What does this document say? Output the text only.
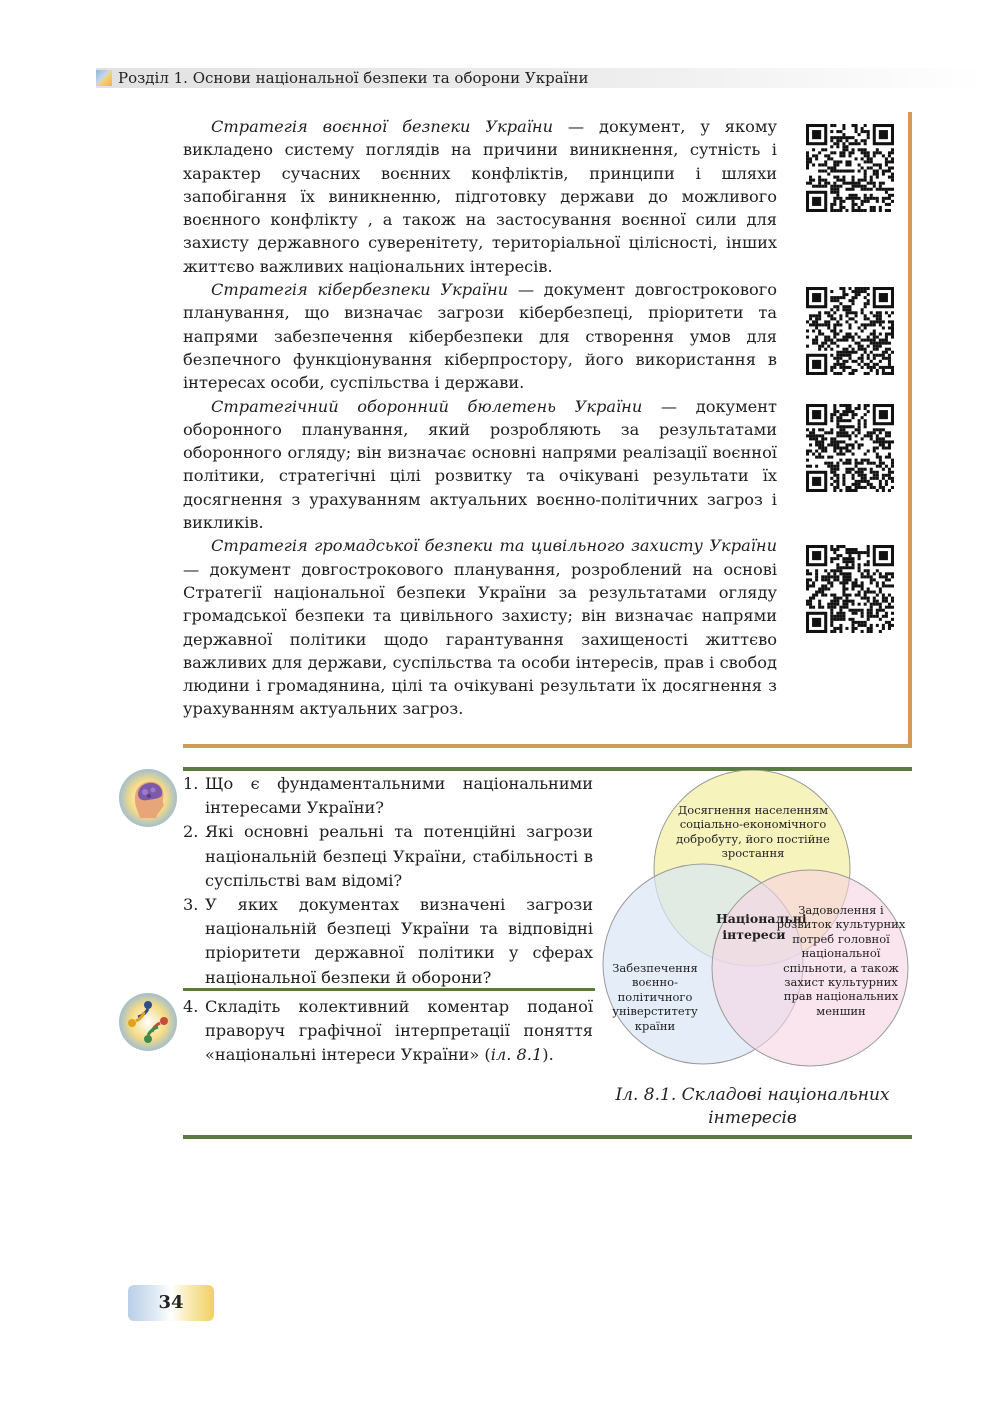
Розділ 1. Основи національної безпеки та оборони України

Стратегія воєнної безпеки України — документ, у якому викладено систему поглядів на причини виникнення, сутність і характер сучасних воєнних конфліктів, принципи і шляхи запобігання їх виникненню, підготовку держави до можливого воєнного конфлікту , а також на застосування воєнної сили для захисту державного суверенітету, територіальної цілісності, інших життєво важливих національних інтересів.

Стратегія кібербезпеки України — документ довгострокового планування, що визначає загрози кібербезпеці, пріоритети та напрями забезпечення кібербезпеки для створення умов для безпечного функціонування кіберпростору, його використання в інтересах особи, суспільства і держави.

Стратегічний оборонний бюлетень України — документ оборонного планування, який розробляють за результатами оборонного огляду; він визначає основні напрями реалізації воєнної політики, стратегічні цілі розвитку та очікувані результати їх досягнення з урахуванням актуальних воєнно-політичних загроз і викликів.

Стратегія громадської безпеки та цивільного захисту України — документ довгострокового планування, розроблений на основі Стратегії національної безпеки України за результатами огляду громадської безпеки та цивільного захисту; він визначає напрями державної політики щодо гарантування захищеності життєво важливих для держави, суспільства та особи інтересів, прав і свобод людини і громадянина, цілі та очікувані результати їх досягнення з урахуванням актуальних загроз.

1. Що є фундаментальними національними інтересами України?
2. Які основні реальні та потенційні загрози національній безпеці України, стабільності в суспільстві вам відомі?
3. У яких документах визначені загрози національній безпеці України та відповідні пріоритети державної політики у сферах національної безпеки й оборони?
4. Складіть колективний коментар поданої праворуч графічної інтерпретації поняття «національні інтереси України» (іл. 8.1).
Досягнення населенням соціально-економічного добробуту, його постійне зростання
Забезпечення воєнно-політичного універститету країни
Задоволення і розвиток культурних потреб головної національної спільноти, а також захист культурних прав національних меншин
Національні інтереси
Іл. 8.1. Складові національних інтересів
34
